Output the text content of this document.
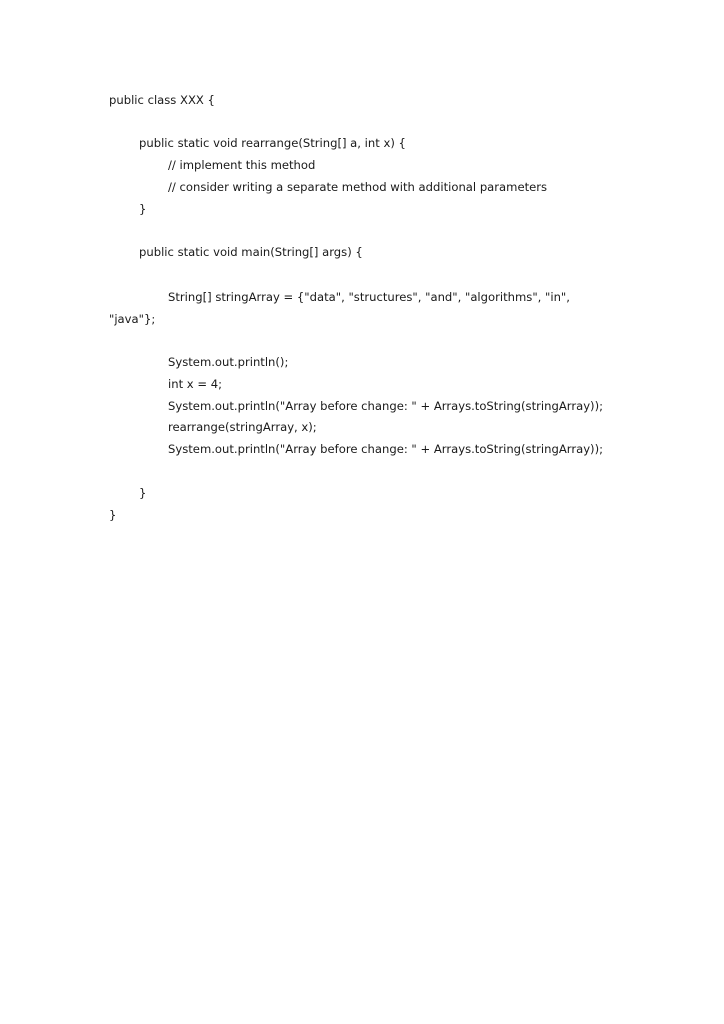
public class XXX {

public static void rearrange(String[] a, int x) {

// implement this method

// consider writing a separate method with additional parameters

}

public static void main(String[] args) {

String[] stringArray = {"data", "structures", "and", "algorithms", "in",

"java"};

System.out.println();

int x = 4;

System.out.println("Array before change: " + Arrays.toString(stringArray));

rearrange(stringArray, x);

System.out.println("Array before change: " + Arrays.toString(stringArray));

}

}
